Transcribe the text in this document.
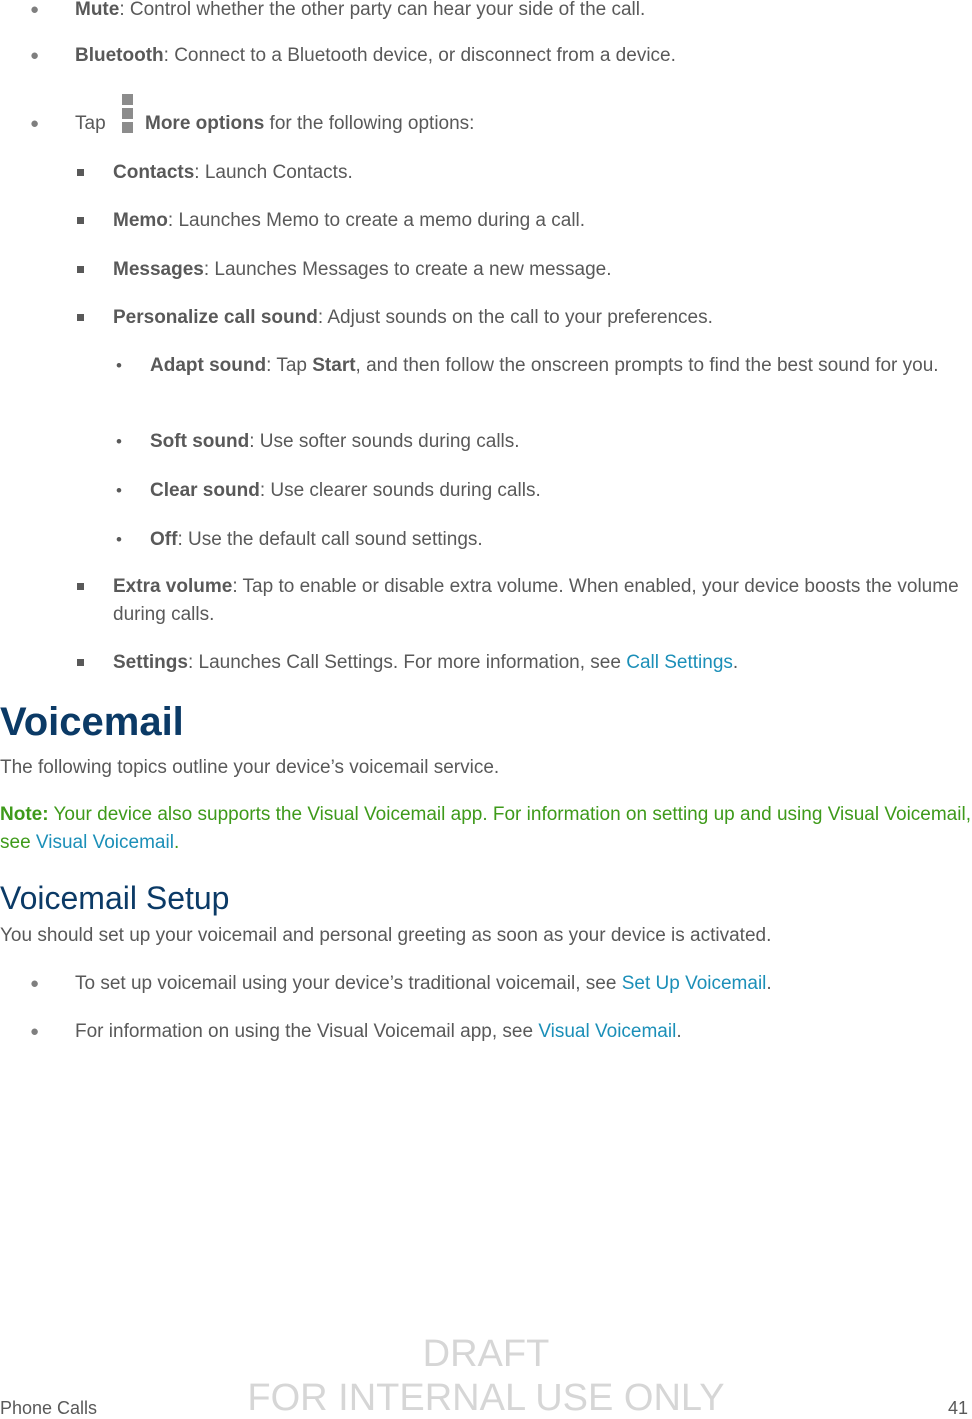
● Mute: Control whether the other party can hear your side of the call.
● Bluetooth: Connect to a Bluetooth device, or disconnect from a device.
● Tap More options for the following options:
Contacts: Launch Contacts.
Memo: Launches Memo to create a memo during a call.
Messages: Launches Messages to create a new message.
Personalize call sound: Adjust sounds on the call to your preferences.
• Adapt sound: Tap Start, and then follow the onscreen prompts to find the best sound for you.
• Soft sound: Use softer sounds during calls.
• Clear sound: Use clearer sounds during calls.
• Off: Use the default call sound settings.
Extra volume: Tap to enable or disable extra volume. When enabled, your device boosts the volume during calls.
Settings: Launches Call Settings. For more information, see Call Settings.
Voicemail
The following topics outline your device’s voicemail service.
Note: Your device also supports the Visual Voicemail app. For information on setting up and using Visual Voicemail, see Visual Voicemail.
Voicemail Setup
You should set up your voicemail and personal greeting as soon as your device is activated.
● To set up voicemail using your device’s traditional voicemail, see Set Up Voicemail.
● For information on using the Visual Voicemail app, see Visual Voicemail.
DRAFT
FOR INTERNAL USE ONLY
Phone Calls	41
